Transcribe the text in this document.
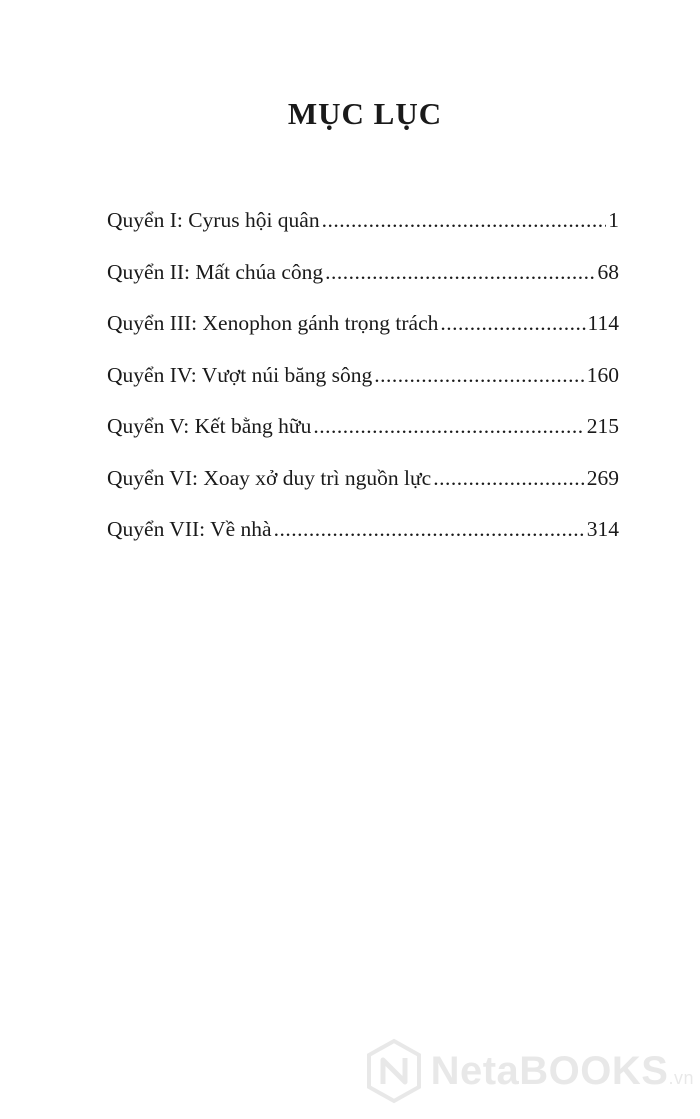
MỤC LỤC
Quyển I: Cyrus hội quân .....	1
Quyển II: Mất chúa công .....	68
Quyển III: Xenophon gánh trọng trách .....	114
Quyển IV: Vượt núi băng sông .....	160
Quyển V: Kết bằng hữu .....	215
Quyển VI: Xoay xở duy trì nguồn lực .....	269
Quyển VII: Về nhà .....	314
NetaBOOKS.vn
